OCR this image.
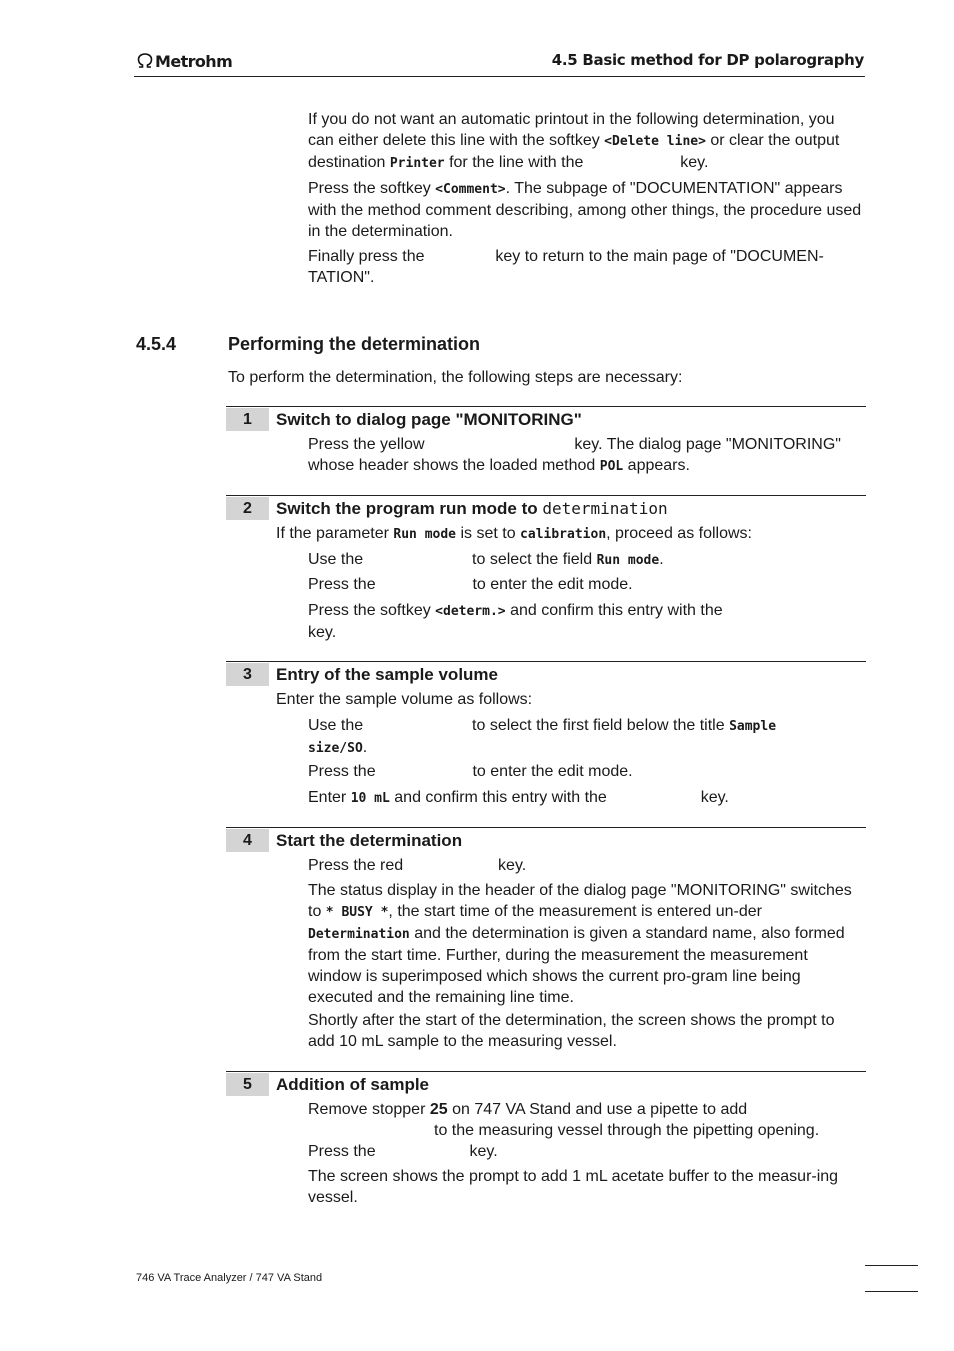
Metrohm	4.5 Basic method for DP polarography

If you do not want an automatic printout in the following determination, you can either delete this line with the softkey <Delete line> or clear the output destination Printer for the line with the	key.

Press the softkey <Comment>. The subpage of "DOCUMENTATION" appears with the method comment describing, among other things, the procedure used in the determination.

Finally press the	key to return to the main page of "DOCUMEN-TATION".

4.5.4	Performing the determination
To perform the determination, the following steps are necessary:
1	Switch to dialog page "MONITORING"
Press the yellow	key. The dialog page "MONITORING"
whose header shows the loaded method POL appears.
2	Switch the program run mode to determination
If the parameter Run mode is set to calibration, proceed as follows:
Use the	to select the field Run mode.
Press the	to enter the edit mode.
Press the softkey <determ.> and confirm this entry with the
key.
3	Entry of the sample volume
Enter the sample volume as follows:
Use the	to select the first field below the title Sample
size/SO.
Press the	to enter the edit mode.
Enter 10 mL and confirm this entry with the	key.
4	Start the determination
Press the red	key.
The status display in the header of the dialog page "MONITORING" switches to * BUSY *, the start time of the measurement is entered un-der Determination and the determination is given a standard name, also formed from the start time. Further, during the measurement the measurement window is superimposed which shows the current pro-gram line being executed and the remaining line time.
Shortly after the start of the determination, the screen shows the prompt to add 10 mL sample to the measuring vessel.
5	Addition of sample
Remove stopper 25 on 747 VA Stand and use a pipette to add
to the measuring vessel through the pipetting opening.
Press the	key.
The screen shows the prompt to add 1 mL acetate buffer to the measur-ing vessel.
746 VA Trace Analyzer / 747 VA Stand
